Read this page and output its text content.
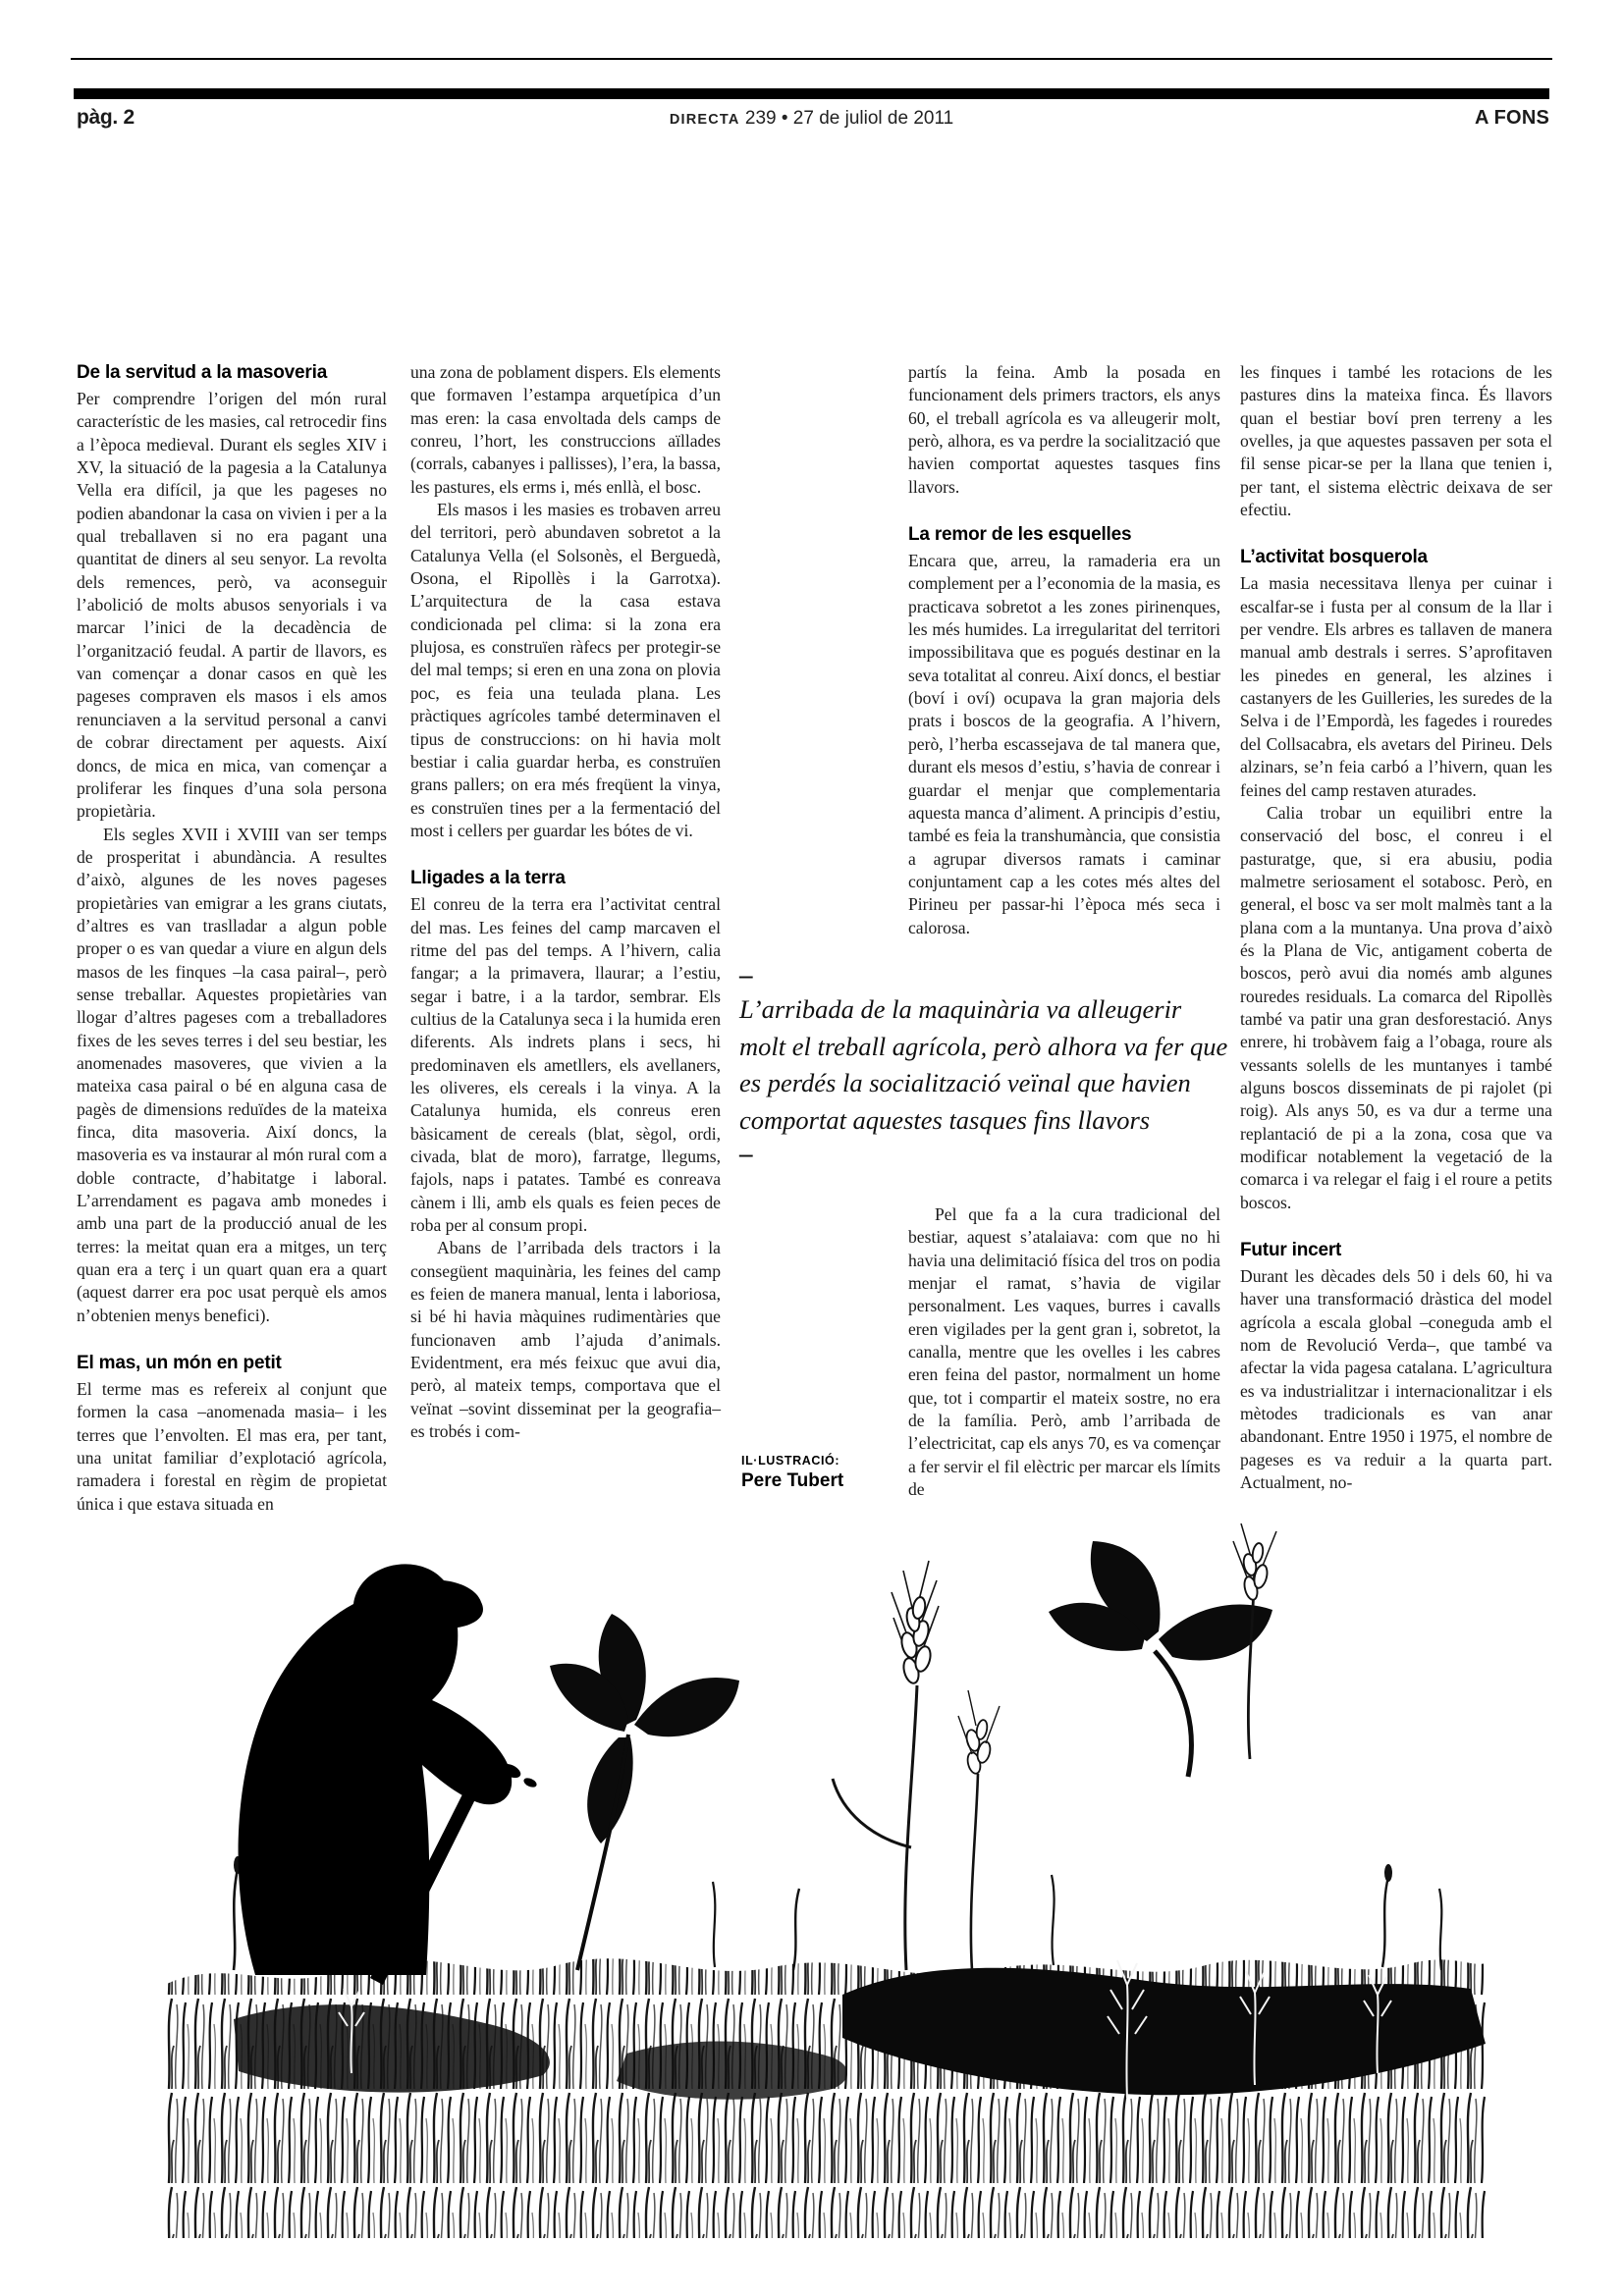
pàg. 2	DIRECTA 239 • 27 de juliol de 2011	A FONS
De la servitud a la masoveria

Per comprendre l’origen del món rural característic de les masies, cal retrocedir fins a l’època medieval. Durant els segles XIV i XV, la situació de la pagesia a la Catalunya Vella era difícil, ja que les pageses no podien abandonar la casa on vivien i per a la qual treballaven si no era pagant una quantitat de diners al seu senyor. La revolta dels remences, però, va aconseguir l’abolició de molts abusos senyorials i va marcar l’inici de la decadència de l’organització feudal. A partir de llavors, es van començar a donar casos en què les pageses compraven els masos i els amos renunciaven a la servitud personal a canvi de cobrar directament per aquests. Així doncs, de mica en mica, van començar a proliferar les finques d’una sola persona propietària.

Els segles XVII i XVIII van ser temps de prosperitat i abundància. A resultes d’això, algunes de les noves pageses propietàries van emigrar a les grans ciutats, d’altres es van traslladar a algun poble proper o es van quedar a viure en algun dels masos de les finques –la casa pairal–, però sense treballar. Aquestes propietàries van llogar d’altres pageses com a treballadores fixes de les seves terres i del seu bestiar, les anomenades masoveres, que vivien a la mateixa casa pairal o bé en alguna casa de pagès de dimensions reduïdes de la mateixa finca, dita masoveria. Així doncs, la masoveria es va instaurar al món rural com a doble contracte, d’habitatge i laboral. L’arrendament es pagava amb monedes i amb una part de la producció anual de les terres: la meitat quan era a mitges, un terç quan era a terç i un quart quan era a quart (aquest darrer era poc usat perquè els amos n’obtenien menys benefici).

El mas, un món en petit

El terme mas es refereix al conjunt que formen la casa –anomenada masia– i les terres que l’envolten. El mas era, per tant, una unitat familiar d’explotació agrícola, ramadera i forestal en règim de propietat única i que estava situada en

una zona de poblament dispers. Els elements que formaven l’estampa arquetípica d’un mas eren: la casa envoltada dels camps de conreu, l’hort, les construccions aïllades (corrals, cabanyes i pallisses), l’era, la bassa, les pastures, els erms i, més enllà, el bosc.

Els masos i les masies es trobaven arreu del territori, però abundaven sobretot a la Catalunya Vella (el Solsonès, el Berguedà, Osona, el Ripollès i la Garrotxa). L’arquitectura de la casa estava condicionada pel clima: si la zona era plujosa, es construïen ràfecs per protegir-se del mal temps; si eren en una zona on plovia poc, es feia una teulada plana. Les pràctiques agrícoles també determinaven el tipus de construccions: on hi havia molt bestiar i calia guardar herba, es construïen grans pallers; on era més freqüent la vinya, es construïen tines per a la fermentació del most i cellers per guardar les bótes de vi.

Lligades a la terra

El conreu de la terra era l’activitat central del mas. Les feines del camp marcaven el ritme del pas del temps. A l’hivern, calia fangar; a la primavera, llaurar; a l’estiu, segar i batre, i a la tardor, sembrar. Els cultius de la Catalunya seca i la humida eren diferents. Als indrets plans i secs, hi predominaven els ametllers, els avellaners, les oliveres, els cereals i la vinya. A la Catalunya humida, els conreus eren bàsicament de cereals (blat, sègol, ordi, civada, blat de moro), farratge, llegums, fajols, naps i patates. També es conreava cànem i lli, amb els quals es feien peces de roba per al consum propi.

Abans de l’arribada dels tractors i la consegüent maquinària, les feines del camp es feien de manera manual, lenta i laboriosa, si bé hi havia màquines rudimentàries que funcionaven amb l’ajuda d’animals. Evidentment, era més feixuc que avui dia, però, al mateix temps, comportava que el veïnat –sovint disseminat per la geografia– es trobés i com-

partís la feina. Amb la posada en funcionament dels primers tractors, els anys 60, el treball agrícola es va alleugerir molt, però, alhora, es va perdre la socialització que havien comportat aquestes tasques fins llavors.

La remor de les esquelles

Encara que, arreu, la ramaderia era un complement per a l’economia de la masia, es practicava sobretot a les zones pirinenques, les més humides. La irregularitat del territori impossibilitava que es pogués destinar en la seva totalitat al conreu. Així doncs, el bestiar (boví i oví) ocupava la gran majoria dels prats i boscos de la geografia. A l’hivern, però, l’herba escassejava de tal manera que, durant els mesos d’estiu, s’havia de conrear i guardar el menjar que complementaria aquesta manca d’aliment. A principis d’estiu, també es feia la transhumància, que consistia a agrupar diversos ramats i caminar conjuntament cap a les cotes més altes del Pirineu per passar-hi l’època més seca i calorosa.

–
L’arribada de la maquinària va alleugerir molt el treball agrícola, però alhora va fer que es perdés la socialització veïnal que havien comportat aquestes tasques fins llavors
–

Pel que fa a la cura tradicional del bestiar, aquest s’atalaiava: com que no hi havia una delimitació física del tros on podia menjar el ramat, s’havia de vigilar personalment. Les vaques, burres i cavalls eren vigilades per la gent gran i, sobretot, la canalla, mentre que les ovelles i les cabres eren feina del pastor, normalment un home que, tot i compartir el mateix sostre, no era de la família. Però, amb l’arribada de l’electricitat, cap els anys 70, es va començar a fer servir el fil elèctric per marcar els límits de

IL·LUSTRACIÓ:
Pere Tubert

les finques i també les rotacions de les pastures dins la mateixa finca. És llavors quan el bestiar boví pren terreny a les ovelles, ja que aquestes passaven per sota el fil sense picar-se per la llana que tenien i, per tant, el sistema elèctric deixava de ser efectiu.

L’activitat bosquerola

La masia necessitava llenya per cuinar i escalfar-se i fusta per al consum de la llar i per vendre. Els arbres es tallaven de manera manual amb destrals i serres. S’aprofitaven les pinedes en general, les alzines i castanyers de les Guilleries, les suredes de la Selva i de l’Empordà, les fagedes i rouredes del Collsacabra, els avetars del Pirineu. Dels alzinars, se’n feia carbó a l’hivern, quan les feines del camp restaven aturades.

Calia trobar un equilibri entre la conservació del bosc, el conreu i el pasturatge, que, si era abusiu, podia malmetre seriosament el sotabosc. Però, en general, el bosc va ser molt malmès tant a la plana com a la muntanya. Una prova d’això és la Plana de Vic, antigament coberta de boscos, però avui dia només amb algunes rouredes residuals. La comarca del Ripollès també va patir una gran desforestació. Anys enrere, hi trobàvem faig a l’obaga, roure als vessants solells de les muntanyes i també alguns boscos disseminats de pi rajolet (pi roig). Als anys 50, es va dur a terme una replantació de pi a la zona, cosa que va modificar notablement la vegetació de la comarca i va relegar el faig i el roure a petits boscos.

Futur incert

Durant les dècades dels 50 i dels 60, hi va haver una transformació dràstica del model agrícola a escala global –coneguda amb el nom de Revolució Verda–, que també va afectar la vida pagesa catalana. L’agricultura es va industrialitzar i internacionalitzar i els mètodes tradicionals es van anar abandonant. Entre 1950 i 1975, el nombre de pageses es va reduir a la quarta part. Actualment, no-
